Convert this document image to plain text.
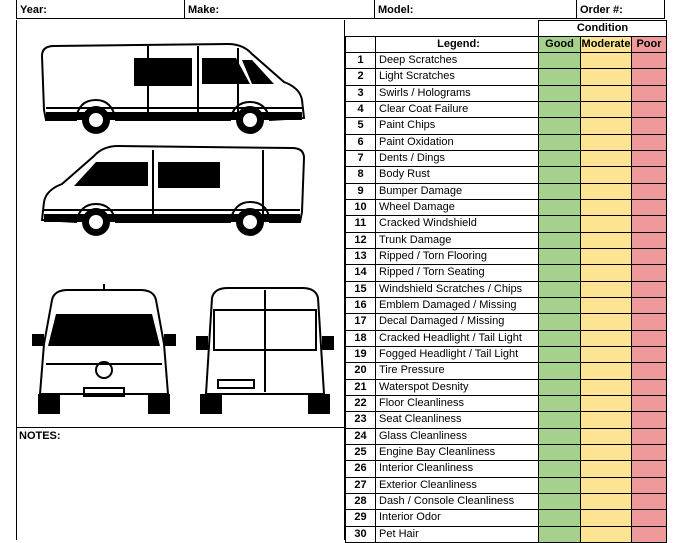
Year:	Make:	Model:	Order #:
NOTES:
		Condition		
	Legend:	Good	Moderate	Poor
1	Deep Scratches			
2	Light Scratches			
3	Swirls / Holograms			
4	Clear Coat Failure			
5	Paint Chips			
6	Paint Oxidation			
7	Dents / Dings			
8	Body Rust			
9	Bumper Damage			
10	Wheel Damage			
11	Cracked Windshield			
12	Trunk Damage			
13	Ripped / Torn Flooring			
14	Ripped / Torn Seating			
15	Windshield Scratches / Chips			
16	Emblem Damaged / Missing			
17	Decal Damaged / Missing			
18	Cracked Headlight / Tail Light			
19	Fogged Headlight / Tail Light			
20	Tire Pressure			
21	Waterspot Desnity			
22	Floor Cleanliness			
23	Seat Cleanliness			
24	Glass Cleanliness			
25	Engine Bay Cleanliness			
26	Interior Cleanliness			
27	Exterior Cleanliness			
28	Dash / Console Cleanliness			
29	Interior Odor			
30	Pet Hair			
